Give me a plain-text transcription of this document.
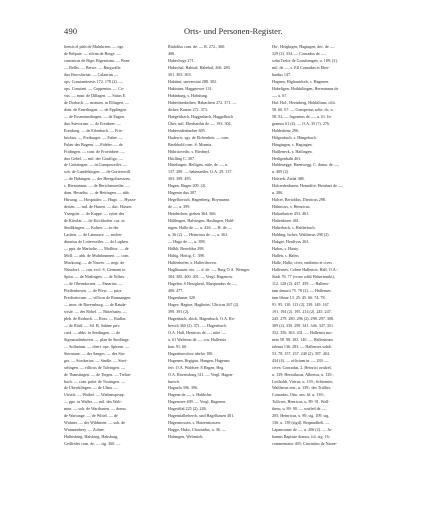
490	Orts- und Personen-Register.
liensis el plab de Mulnbreen. — ngr.
de Belpuie. — silvan de Borge. —
canonicus de Bige, Bigensium. — Bone
— Bellis. — Betwe. — Burgwälle.
dux Brocslaviae. — Calaurias —
ops. Constantiensis 172. 178 (2). —
ops. Constant. — Coppenius. — Co-
vus. — mun. de Dillagen. — Sitius E.
de Dorbach. — monum. in Ellingen. —
dom. de Emerlingen. — de Epplingen.
— de Esseminoilingen. — de Engen.
dux Suevorum. — de Ereubeer. —
Erenburg. — de Erlenbach. — Frie-
brichus. — Freiburger. — Fuber. —
Fuber des Bagens. — Fideler. — de
Fridingen. — com. de Froeinbeer. —
dux Gebel. — mil. der Gouffigo. —
de Grötzingen. — in Gumpoweiler. —
soh. de Gundelsingen. — de Gurterewill.
— de Habingen. — der Herzgoltzessom.
s. Hermannus. — de Herichenweiler. —
dom. Hesselin. — de Hettingen. — abb.
Hirsaug. — Hospitaler. — Hugo. — Hyzza-
desten. — mil. de Hunen. — duc. Husser.
Ysengrin. — de Kappe. — rytter des
de Kitvilar. — de Kirchhofen. cas. in
Sindlkingen. — Kolner. — in der
Lachen. — de Laimowe. — molen-
dinarius de Lotterweiler. — de Luphen.
— ppa. de Marholte. — Mollitor. — de
Möll. — abb. de Mulnbrunnen. — com.
Muckonig. — de Nawes. — negr. de
Nüssdorf. — can. eccl. S. Germani in
Spira. — de Nüslingen. — de Nöbes.
— de Oberndorsen. — Panarius. —
Pfaffenhoven. — de Pfeyt. — prior
Predicatorum. — villicus de Ramsangen.
— mon. de Ravensburg. — de Rauda-
wisle. — des Röbel. — Ritterhaim. —
pleb. de Rorbach. — Ross. — Rudlas.
— de Rüttl. — Sil. B. Sabine priv.
card. — abbs. in Seedingen. — de
Sigmaradinhoven. — plan de Sindlinge.
— Sollarium. — obert. ope. Spirens. —
Sterntune. — der Sanges. — des Stu-
ger. — Stockerius. — Sindle. — Strei-
selingen. — villicus de Talvingen. —
de Thanstingen. — de Tiegen. — Trelan-
bach. — com. palat. de Twaingen. —
de Uberrklingen. — de Ulma. —
Utruck. — Waibel. — Waibenspruqr.
— ppe. in Waller. — mil. des Wali-
mon. — soh. de Wartharten. — domu.
de Wartunge. — de Wittel. — de
Wuhner. — der Wildtmen. — soh. de
Wunmenbery. — Zolner.
Hulhtsbürg, Halsburg, Habsburg,
Gedfrides com. de, — sig. 360. —
Rüdolfus com. de, — R. 272., 360.
400.
Habechvge 271.
Habechal, Habital, Habebal, 266. 280.
301. 303. 303.
Habitint, universitat 288. 302.
Habixinn, Haggnower 131.
Habinburg, s. Habsburg.
Habechtenboben, Habachten 272. 371. —
dicker. Kasten 272. 373.
Haegelsbach, Haggnsbach, Haggelbach
Über, mil. Eberhardus de —, 193. 304.
Haberstdenbacher 605.
Hadewic, sgs. de Elchenbeir. — com.
Berthhold com. S. Moneia.
Hitbritoveilir, s. Riedmyl.
Häclling C. 307.
Häselingen, Heiligen, nitte, de —, u.
137. 299. — habenaeiler. O.A. 29. 137.
303. 399. 495.
Hagen, Hagen 209. (2).
Hägenin dux 307.
Hegelhovach, Hagenberg, Hoymanns
de —, u. 399.
Hendrichen, giehen 364. 366.
Hältlingen, Halvingen, Haslingen, Hahl-
ingen, Hallo de —, u. 426. — H. de —
u. 36 (2). — Heinricus de —, u. 361.
— Hugo de —, u. 398.
Hälbli, Bertoldus 298.
Hältig, Hottig, C. 398.
Halfenhofen, s. Halferthoven.
Haglhausen, nis. — d. de. —, Burg O.A. Weinger.
384. 385. 400. 401. — Vergl. Hagenow.
Hagelen, S Herzgkenl, Marquardus de —,
406. 477.
Hagenhaner 320.
Hagev, Hagine, Haglintes, Ultricus 267 (2).
390. 391 (2).
Hagenbach, zbich, Hagenbuch, O.A. Ro-
bersch 360 (2). 371. — Hagenbuch.
O.A. Hall, Henricus de —, nitte —.
u. 61 Walterus de —, cru. Hallensis
han. 91. 60.
Hagenbroschov nbelor 180.
Hagenen, Hrgiguu, Hangen, Hagenau
fert. O.A. Waldsee; 8 Hagen, Heg.
O.A. Ravensburg 311. — Vergl. Hagen-
bursch.
Hagnela 396. 396.
Hagene de —, s. Habbchn.
Hagenowe 409. — Vergl. Hagenen.
Hagetiffal 225 (2). 226.
Hagenstalbeherch, und Hagelbauen 401.
Hägenstossen, s. Hatzenstossen.
Haggo, Hako, Chuoradus, u. 36. —
Hohmgen, Welrmioh.
Ha-, Heiglngen, Hagingen, dec. de —.
329 (2). 334. — Conradus de —,
sohn Trelor de Grasdomgen, u. 189; (2).
mil. de —, s. Ell Conradus et Eber-
hardus 147.
Hagnen, Highauirlorb, s. Hagenen.
Habeligen, Hoihkilingen, Hermannus de
—, u. 67.
Hal. Hol., Hezinberg, Hohkilinus, cilit.
58. 66. 67. — Gumpertus solte, dc, u.
58. 52. — Ingramus de —, u. 61. In-
gramus 61 (4). — O.A. 35 (?). 276.
Halderhenz 296.
Hälgenbach, s. Hängebach.
Häugingen, s. Hagingen.
Hailleneck, s. Hailingen.
Heiligenbaht 461.
Haldeuegge, Haenwegg, C. dama. de —,
u. 409 (2).
Halcerb, Zielat 386.
Halcerdenburen, Henndfre, Heinhart de —,
u. 286.
Halcer, Bertoldus, Dietricus 298.
Hälnricus, s. Heinricus.
Haltaribeirer 453. 461.
Haltenborer 461.
Halterbach, s. Halderbach.
Halding, Ischer, Waltherus 298 (2).
Hakget, Hordiyus 263.
Habus, s. Hauty.
Hallen, s. Halen.
Halle, Hallo; civer, enithetm et cives
Hallenses; Colrne Hallensis; Hall, O.A.-
Stadt 76. 77 (vrom wähl Hebertrunkt),
112. 128 (2). 437. 459. — Hallens-
ium denarii 75. 78 (2). — Hallenses
ium librae 13. 25. 45. 66. 74. 78.
91. 95. 110. 113 (2). 139. 149. 167.
191. 194 (2). 195. 214 (2). 245. 247.
245. 279. 280. 296 (2). 298. 297. 308.
309 (2). 339. 299. 341. 346. 347. 351.
352. 356. 363. 431. — Hallensis mo-
neta 58. 98. 103. 140. — Hallenaium
talenta 136. 283. — Hallenses solidi
53. 78. 157. 237. 240 (2). 397. 404.
434 (4). — officium in —, 239. —
cives: Conradus, 2. Heinrici avulzel,
u. 139; Hermilusus, Albertus, u. 129.;
Leitholdt, Virtrus, u. 139.; Schiemier,
Waltherus sen., u. 139.; des Trüllier,
Conradus, Otto, sen. fil. u. 139.;
Tullvres, Henricus, u. 89. 91. Wall-
theru, u. 89. 90. — scutled de —,
205; Heinricus, u. 89, sig. 109, sig.
136. u. 139 (sigil). Reqmudheli. —
Lapanconne de —, u. 206 (2). — Jo-
hannis Baptiste domus, fol. sig. 16;
commentator 405; Cincintius de Narne-
